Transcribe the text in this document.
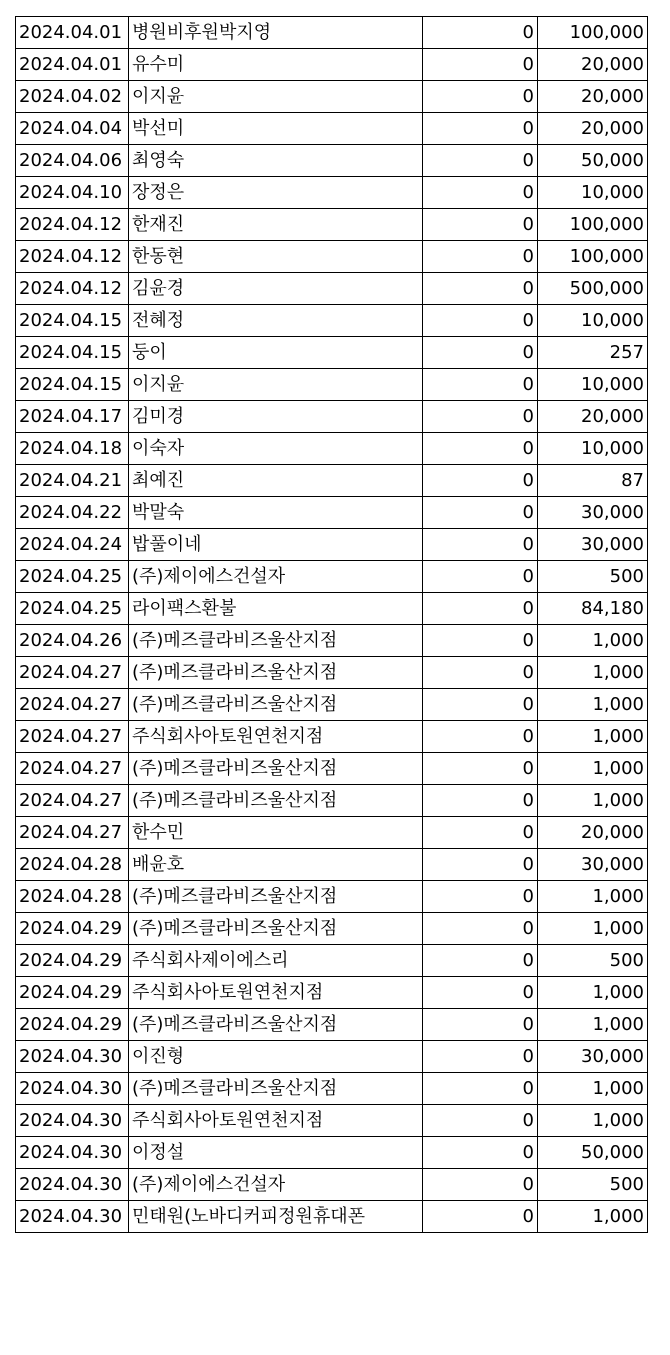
2024.04.01	병원비후원박지영	0	100,000
2024.04.01	유수미	0	20,000
2024.04.02	이지윤	0	20,000
2024.04.04	박선미	0	20,000
2024.04.06	최영숙	0	50,000
2024.04.10	장정은	0	10,000
2024.04.12	한재진	0	100,000
2024.04.12	한동현	0	100,000
2024.04.12	김윤경	0	500,000
2024.04.15	전혜정	0	10,000
2024.04.15	둥이	0	257
2024.04.15	이지윤	0	10,000
2024.04.17	김미경	0	20,000
2024.04.18	이숙자	0	10,000
2024.04.21	최예진	0	87
2024.04.22	박말숙	0	30,000
2024.04.24	밥풀이네	0	30,000
2024.04.25	(주)제이에스건설자	0	500
2024.04.25	라이팩스환불	0	84,180
2024.04.26	(주)메즈클라비즈울산지점	0	1,000
2024.04.27	(주)메즈클라비즈울산지점	0	1,000
2024.04.27	(주)메즈클라비즈울산지점	0	1,000
2024.04.27	주식회사아토원연천지점	0	1,000
2024.04.27	(주)메즈클라비즈울산지점	0	1,000
2024.04.27	(주)메즈클라비즈울산지점	0	1,000
2024.04.27	한수민	0	20,000
2024.04.28	배윤호	0	30,000
2024.04.28	(주)메즈클라비즈울산지점	0	1,000
2024.04.29	(주)메즈클라비즈울산지점	0	1,000
2024.04.29	주식회사제이에스리	0	500
2024.04.29	주식회사아토원연천지점	0	1,000
2024.04.29	(주)메즈클라비즈울산지점	0	1,000
2024.04.30	이진형	0	30,000
2024.04.30	(주)메즈클라비즈울산지점	0	1,000
2024.04.30	주식회사아토원연천지점	0	1,000
2024.04.30	이정설	0	50,000
2024.04.30	(주)제이에스건설자	0	500
2024.04.30	민태원(노바디커피정원휴대폰	0	1,000
